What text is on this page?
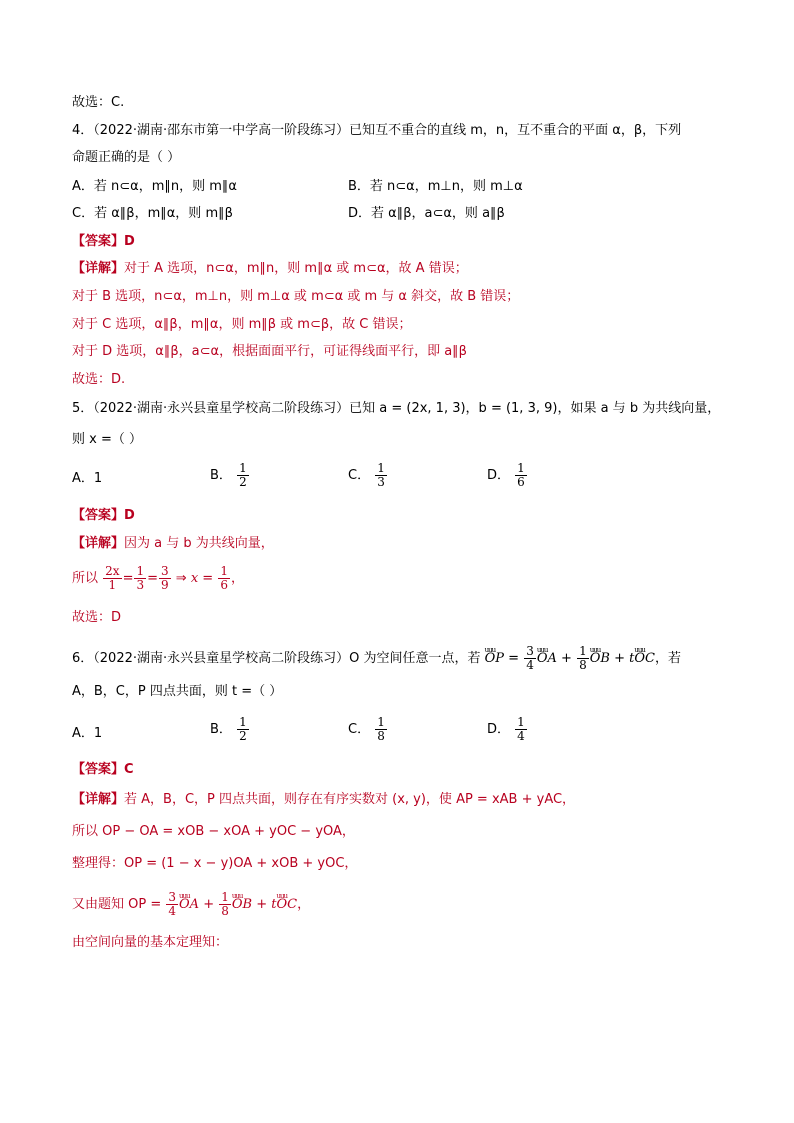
故选：C.
4．（2022·湖南·邵东市第一中学高一阶段练习）已知互不重合的直线 m，n，互不重合的平面 α，β，下列
命题正确的是（ ）
A．若 n⊂α，m∥n，则 m∥α	B．若 n⊂α，m⊥n，则 m⊥α
C．若 α∥β，m∥α，则 m∥β	D．若 α∥β，a⊂α，则 a∥β
【答案】D
【详解】对于 A 选项，n⊂α，m∥n，则 m∥α 或 m⊂α，故 A 错误；
对于 B 选项，n⊂α，m⊥n，则 m⊥α 或 m⊂α 或 m 与 α 斜交，故 B 错误；
对于 C 选项，α∥β，m∥α，则 m∥β 或 m⊂β，故 C 错误；
对于 D 选项，α∥β，a⊂α，根据面面平行，可证得线面平行，即 a∥β
故选：D.
5．（2022·湖南·永兴县童星学校高二阶段练习）已知 a = (2x, 1, 3)，b = (1, 3, 9)，如果 a 与 b 为共线向量，
则 x =（ ）
A．1	B． $\frac{1}{2}$	C． $\frac{1}{3}$	D． $\frac{1}{6}$
【答案】D
【详解】因为 a 与 b 为共线向量，
所以 $\frac{2x}{1} = \frac{1}{3} = \frac{3}{9}$ ⇒ $x = \frac{1}{6}$ ，
故选：D
6．（2022·湖南·永兴县童星学校高二阶段练习）O 为空间任意一点，若 uuu OP = $\frac{3}{4}$ uuu OA + $\frac{1}{8}$ uuu OB + tuuu OC，若
A，B，C，P 四点共面，则 t =（ ）
A．1	B． $\frac{1}{2}$	C． $\frac{1}{8}$	D． $\frac{1}{4}$
【答案】C
【详解】若 A，B，C，P 四点共面，则存在有序实数对 (x, y)，使 AP = xAB + yAC，
所以 OP − OA = xOB − xOA + yOC − yOA，
整理得：OP = (1 − x − y)OA + xOB + yOC，
又由题知 OP = $\frac{3}{4}$ uuu OA + $\frac{1}{8}$ uuu OB + tuuu OC，
由空间向量的基本定理知：
